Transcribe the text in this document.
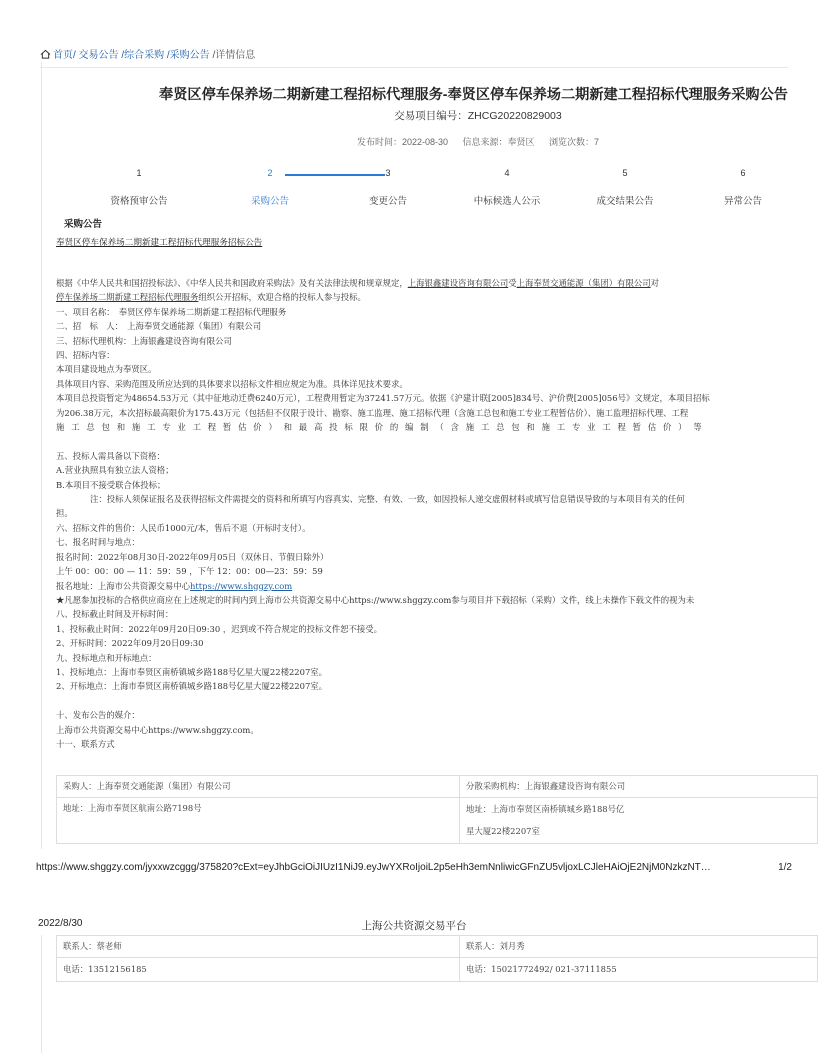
首页/ 交易公告 /综合采购 /采购公告 /详情信息
奉贤区停车保养场二期新建工程招标代理服务-奉贤区停车保养场二期新建工程招标代理服务采购公告
交易项目编号：ZHCG20220829003
发布时间：2022-08-30 信息来源：奉贤区 浏览次数：7
1
资格预审公告
2
采购公告
3
变更公告
4
中标候选人公示
5
成交结果公告
6
异常公告
采购公告
奉贤区停车保养场二期新建工程招标代理服务招标公告

根据《中华人民共和国招投标法》、《中华人民共和国政府采购法》及有关法律法规和规章规定，上海银鑫建设咨询有限公司受上海奉贤交通能源（集团）有限公司对

停车保养场二期新建工程招标代理服务组织公开招标，欢迎合格的投标人参与投标。

一、项目名称：　奉贤区停车保养场二期新建工程招标代理服务

二、招　标　人：　上海奉贤交通能源（集团）有限公司

三、招标代理机构：上海银鑫建设咨询有限公司

四、招标内容：

本项目建设地点为奉贤区。

具体项目内容、采购范围及所应达到的具体要求以招标文件相应规定为准。具体详见技术要求。

本项目总投资暂定为48654.53万元（其中征地动迁费6240万元），工程费用暂定为37241.57万元。依据《沪建计联[2005]834号、沪价费[2005]056号》文规定，本项目招标

为206.38万元，本次招标最高限价为175.43万元（包括但不仅限于设计、勘察、施工监理、施工招标代理（含施工总包和施工专业工程暂估价）、施工监理招标代理、工程

施工总包和施工专业工程暂估价）和最高投标限价的编制（含施工总包和施工专业工程暂估价）等

五、投标人需具备以下资格：

A.营业执照具有独立法人资格；

B.本项目不接受联合体投标；

注：投标人须保证报名及获得招标文件需提交的资料和所填写内容真实、完整、有效、一致，如因投标人递交虚假材料或填写信息错误导致的与本项目有关的任何

担。

六、招标文件的售价：人民币1000元/本，售后不退（开标时支付）。

七、报名时间与地点：

报名时间：2022年08月30日-2022年09月05日（双休日、节假日除外）

上午 00：00：00 — 11：59：59 ，下午 12：00：00—23：59：59

报名地址：上海市公共资源交易中心https://www.shggzy.com

★凡愿参加投标的合格供应商应在上述规定的时间内到上海市公共资源交易中心https://www.shggzy.com参与项目并下载招标（采购）文件，线上未操作下载文件的视为未

八、投标截止时间及开标时间：

1、投标截止时间：2022年09月20日09:30 ，迟到或不符合规定的投标文件恕不接受。

2、开标时间：2022年09月20日09:30

九、投标地点和开标地点：

1、投标地点：上海市奉贤区南桥镇城乡路188号亿星大厦22楼2207室。

2、开标地点：上海市奉贤区南桥镇城乡路188号亿星大厦22楼2207室。

十、发布公告的媒介：

上海市公共资源交易中心https://www.shggzy.com。

十一、联系方式

采购人：上海奉贤交通能源（集团）有限公司	分散采购机构：上海银鑫建设咨询有限公司
地址：上海市奉贤区航南公路7198号	地址：上海市奉贤区南桥镇城乡路188号亿
星大厦22楼2207室
https://www.shggzy.com/jyxxwzcggg/375820?cExt=eyJhbGciOiJIUzI1NiJ9.eyJwYXRoIjoiL2p5eHh3emNnliwicGFnZU5vljoxLCJleHAiOjE2NjM0NzkzNT…	1/2
2022/8/30	上海公共资源交易平台
联系人：蔡老师	联系人：刘月秀
电话：13512156185	电话：15021772492/ 021-37111855
